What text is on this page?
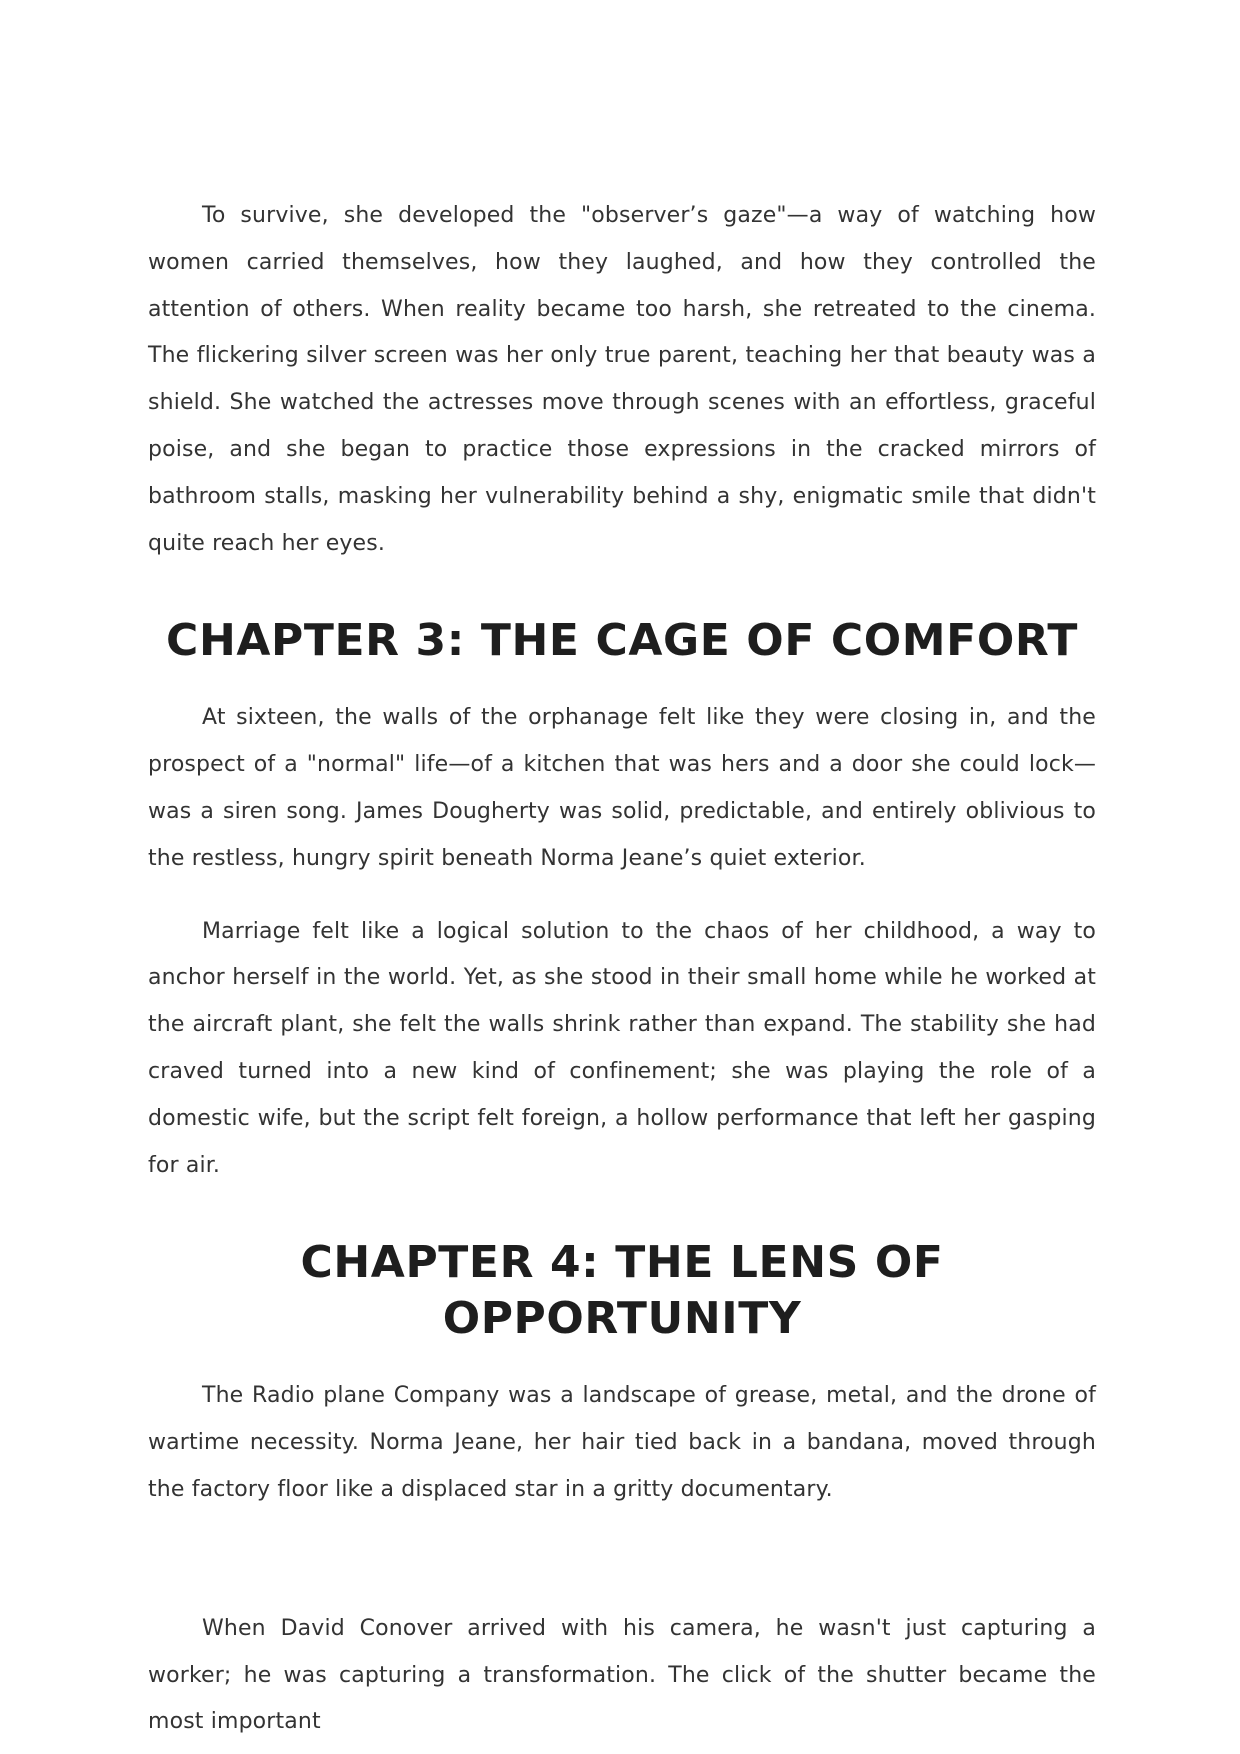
To survive, she developed the "observer’s gaze"—a way of watching how women carried themselves, how they laughed, and how they controlled the attention of others. When reality became too harsh, she retreated to the cinema. The flickering silver screen was her only true parent, teaching her that beauty was a shield. She watched the actresses move through scenes with an effortless, graceful poise, and she began to practice those expressions in the cracked mirrors of bathroom stalls, masking her vulnerability behind a shy, enigmatic smile that didn't quite reach her eyes.

CHAPTER 3: THE CAGE OF COMFORT

At sixteen, the walls of the orphanage felt like they were closing in, and the prospect of a "normal" life—of a kitchen that was hers and a door she could lock—was a siren song. James Dougherty was solid, predictable, and entirely oblivious to the restless, hungry spirit beneath Norma Jeane’s quiet exterior.

Marriage felt like a logical solution to the chaos of her childhood, a way to anchor herself in the world. Yet, as she stood in their small home while he worked at the aircraft plant, she felt the walls shrink rather than expand. The stability she had craved turned into a new kind of confinement; she was playing the role of a domestic wife, but the script felt foreign, a hollow performance that left her gasping for air.

CHAPTER 4: THE LENS OF OPPORTUNITY

The Radio plane Company was a landscape of grease, metal, and the drone of wartime necessity. Norma Jeane, her hair tied back in a bandana, moved through the factory floor like a displaced star in a gritty documentary.

When David Conover arrived with his camera, he wasn't just capturing a worker; he was capturing a transformation. The click of the shutter became the most important
